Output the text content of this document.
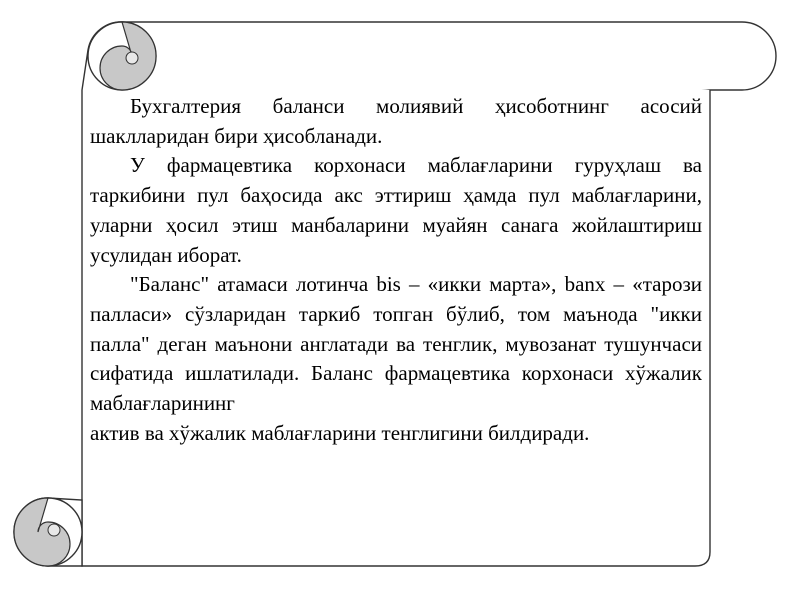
Бухгалтерия баланси молиявий ҳисоботнинг асосий шаклларидан бири ҳисобланади.

У фармацевтика корхонаси маблағларини гуруҳлаш ва таркибини пул баҳосида акс эттириш ҳамда пул маблағларини, уларни ҳосил этиш манбаларини муайян санага жойлаштириш усулидан иборат.

"Баланс" атамаси лотинча bis – «икки марта», banx – «тарози палласи» сўзларидан таркиб топган бўлиб, том маънода "икки палла" деган маънони англатади ва тенглик, мувозанат тушунчаси сифатида ишлатилади. Баланс фармацевтика корхонаси хўжалик маблағларининг

актив ва хўжалик маблағларини тенглигини билдиради.
